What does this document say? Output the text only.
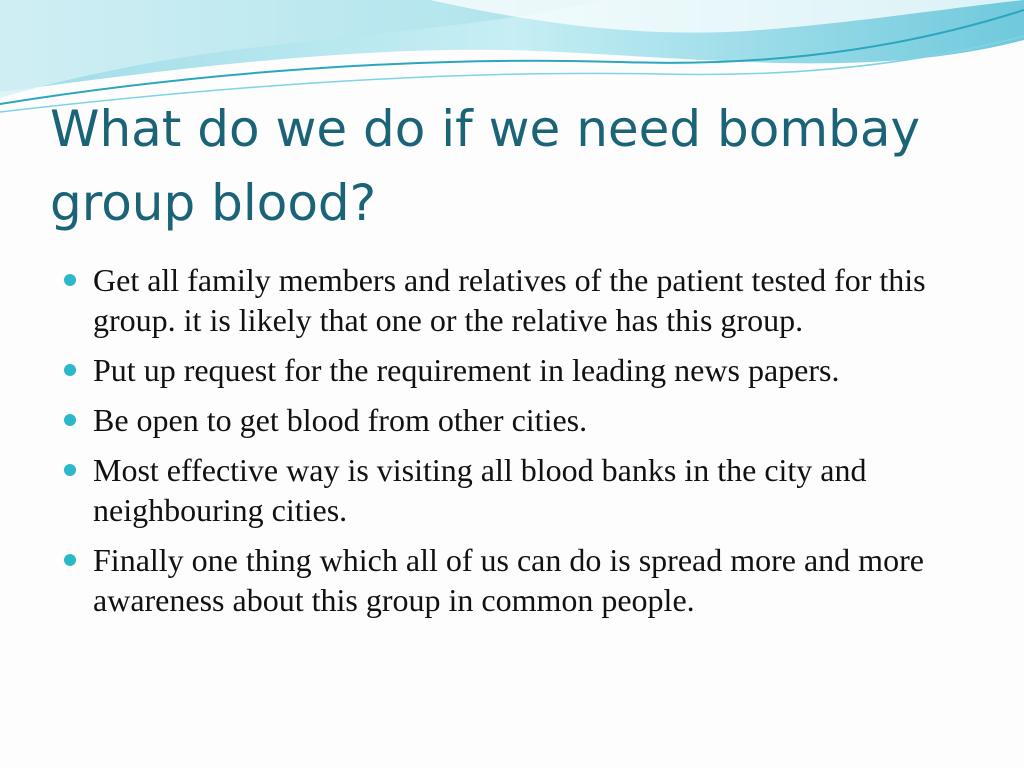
What do we do if we need bombay group blood?
Get all family members and relatives of the patient tested for this group. it is likely that one or the relative has this group.
Put up request for the requirement in leading news papers.
Be open to get blood from other cities.
Most effective way is visiting all blood banks in the city and neighbouring cities.
Finally one thing which all of us can do is spread more and more awareness about this group in common people.
